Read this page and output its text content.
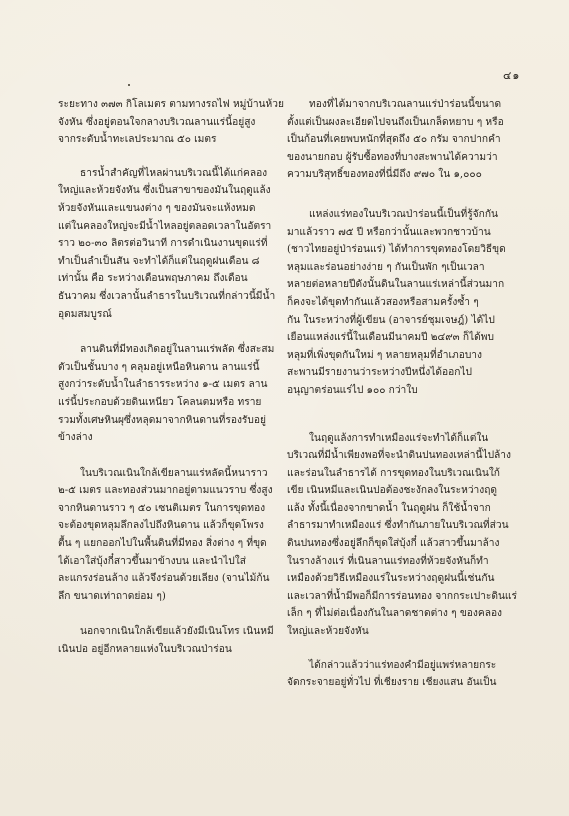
๔๑
ระยะทาง ๓๗๓ กิโลเมตร ตามทางรถไฟ หมู่บ้านห้วย
จังหัน ซึ่งอยู่ตอนใจกลางบริเวณลานแร่นี้อยู่สูง
จากระดับน้ำทะเลประมาณ ๕๐ เมตร
ธารน้ำสำคัญที่ไหลผ่านบริเวณนี้ได้แก่คลอง
ใหญ่และห้วยจังหัน ซึ่งเป็นสาขาของมันในฤดูแล้ง
ห้วยจังหันและแขนงต่าง ๆ ของมันจะแห้งหมด
แต่ในคลองใหญ่จะมีน้ำไหลอยู่ตลอดเวลาในอัตรา
ราว ๒๐-๓๐ ลิตรต่อวินาที การดำเนินงานขุดแร่ที่
ทำเป็นลำเป็นสัน จะทำได้ก็แต่ในฤดูฝนเดือน ๘
เท่านั้น คือ ระหว่างเดือนพฤษภาคม ถึงเดือน
ธันวาคม ซึ่งเวลานั้นลำธารในบริเวณที่กล่าวนี้มีน้ำ
อุดมสมบูรณ์
ลานดินที่มีทองเกิดอยู่ในลานแร่พลัด ซึ่งสะสม
ตัวเป็นชั้นบาง ๆ คลุมอยู่เหนือหินดาน ลานแร่นี้
สูงกว่าระดับน้ำในลำธารระหว่าง ๑-๕ เมตร ลาน
แร่นี้ประกอบด้วยดินเหนียว โคลนตมหรือ ทราย
รวมทั้งเศษหินผุซึ่งหลุดมาจากหินดานที่รองรับอยู่
ข้างล่าง
ในบริเวณเนินใกล้เขียลานแร่หลัดนี้หนาราว
๒-๕ เมตร และทองส่วนมากอยู่ตามแนวราบ ซึ่งสูง
จากหินดานราว ๆ ๕๐ เซนติเมตร ในการขุดทอง
จะต้องขุดหลุมลึกลงไปถึงหินดาน แล้วก็ขุดโพรง
ตื้น ๆ แยกออกไปในพื้นดินที่มีทอง สิ่งต่าง ๆ ที่ขุด
ได้เอาใส่บุ้งกี๋สาวขึ้นมาข้างบน และนำไปใส่
ละแกรงร่อนล้าง แล้วจึงร่อนด้วยเลียง (จานไม้ก้น
ลึก ขนาดเท่าถาดย่อม ๆ)
นอกจากเนินใกล้เขียแล้วยังมีเนินโทร เนินหมี
เนินปอ อยู่อีกหลายแห่งในบริเวณป่าร่อน
ทองที่ได้มาจากบริเวณลานแร่ป่าร่อนนี้ขนาด
ตั้งแต่เป็นผงละเอียดไปจนถึงเป็นเกล็ดหยาบ ๆ หรือ
เป็นก้อนที่เคยพบหนักที่สุดถึง ๕๐ กรัม จากปากคำ
ของนายกอบ ผู้รับซื้อทองที่บางสะพานได้ความว่า
ความบริสุทธิ์ของทองที่นี่มีถึง ๙๗๐ ใน ๑,๐๐๐
แหล่งแร่ทองในบริเวณป่าร่อนนี้เป็นที่รู้จักกัน
มาแล้วราว ๗๕ ปี หรือกว่านั้นและพวกชาวบ้าน
(ชาวไทยอยู่ป่าร่อนแร่) ได้ทำการขุดทองโดยวิธีขุด
หลุมและร่อนอย่างง่าย ๆ กันเป็นพัก ๆเป็นเวลา
หลายต่อหลายปีดังนั้นดินในลานแร่เหล่านี้ส่วนมาก
ก็คงจะได้ขุดทำกันแล้วสองหรือสามครั้งซ้ำ ๆ
กัน ในระหว่างที่ผู้เขียน (อาจารย์ชุมเจษฎ์) ได้ไป
เยือนแหล่งแร่นี้ในเดือนมีนาคมปี ๒๔๙๓ ก็ได้พบ
หลุมที่เพิ่งขุดกันใหม่ ๆ หลายหลุมที่อำเภอบาง
สะพานมีรายงานว่าระหว่างปีหนึ่งได้ออกไป
อนุญาตร่อนแร่ไป ๑๐๐ กว่าใบ
ในฤดูแล้งการทำเหมืองแร่จะทำได้ก็แต่ใน
บริเวณที่มีน้ำเพียงพอที่จะนำดินปนทองเหล่านี้ไปล้าง
และร่อนในลำธารได้ การขุดทองในบริเวณเนินใก้
เขีย เนินหมีและเนินปอต้องชะงักลงในระหว่างฤดู
แล้ง ทั้งนี้เนื่องจากขาดน้ำ ในฤดูฝน ก็ใช้น้ำจาก
ลำธารมาทำเหมืองแร่ ซึ่งทำกันภายในบริเวณที่ส่วน
ดินปนทองซึ่งอยู่ลึกก็ขุดใส่บุ้งกี๋ แล้วสาวขึ้นมาล้าง
ในรางล้างแร่ ที่เนินลานแร่ทองที่ห้วยจังหันก็ทำ
เหมืองด้วยวิธีเหมืองแร่ในระหว่างฤดูฝนนี้เช่นกัน
และเวลาที่น้ำมีพอก็มีการร่อนทอง จากกระเปาะดินแร่
เล็ก ๆ ที่ไม่ต่อเนื่องกันในลาดชาดต่าง ๆ ของคลอง
ใหญ่และห้วยจังหัน
ได้กล่าวแล้วว่าแร่ทองคำมีอยู่แพร่หลายกระ
จัดกระจายอยู่ทั่วไป ที่เชียงราย เชียงแสน อันเป็น
